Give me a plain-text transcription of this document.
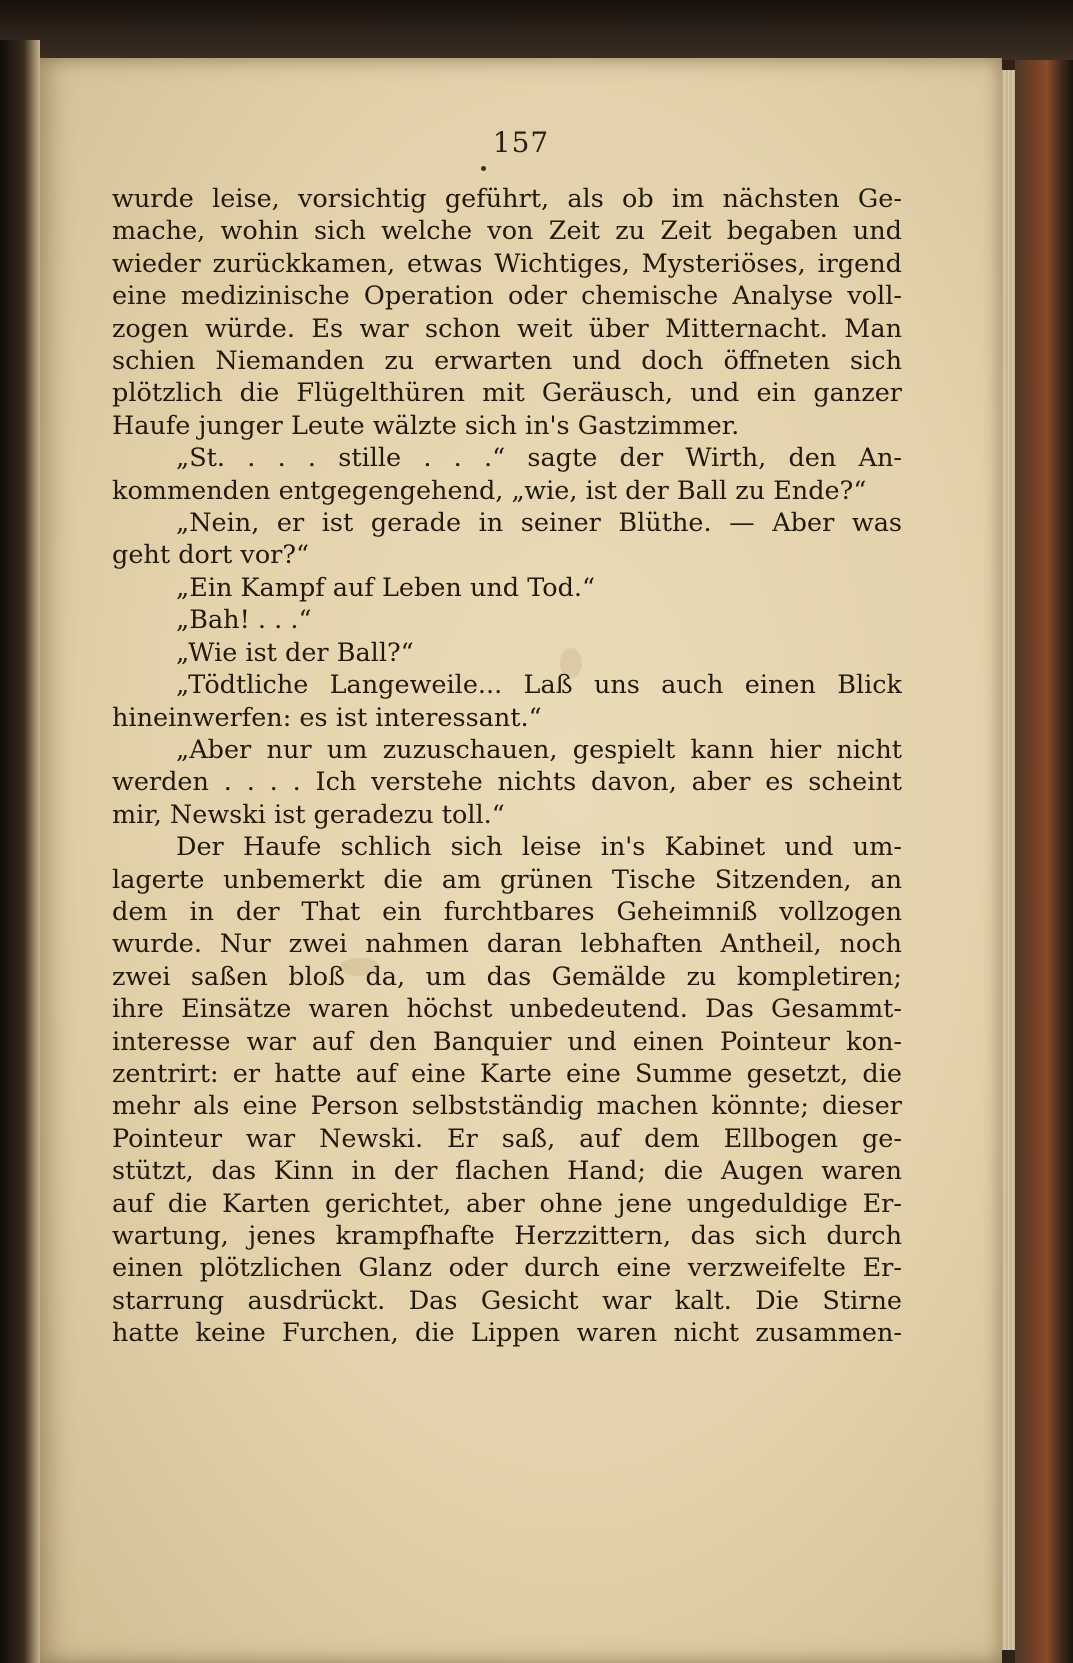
157
wurde leise, vorsichtig geführt, als ob im nächsten Ge-
mache, wohin sich welche von Zeit zu Zeit begaben und
wieder zurückkamen, etwas Wichtiges, Mysteriöses, irgend
eine medizinische Operation oder chemische Analyse voll-
zogen würde. Es war schon weit über Mitternacht. Man
schien Niemanden zu erwarten und doch öffneten sich
plötzlich die Flügelthüren mit Geräusch, und ein ganzer
Haufe junger Leute wälzte sich in's Gastzimmer.
„St. . . . stille . . .“ sagte der Wirth, den An-
kommenden entgegengehend, „wie, ist der Ball zu Ende?“
„Nein, er ist gerade in seiner Blüthe. — Aber was
geht dort vor?“
„Ein Kampf auf Leben und Tod.“
„Bah! . . .“
„Wie ist der Ball?“
„Tödtliche Langeweile... Laß uns auch einen Blick
hineinwerfen: es ist interessant.“
„Aber nur um zuzuschauen, gespielt kann hier nicht
werden . . . . Ich verstehe nichts davon, aber es scheint
mir, Newski ist geradezu toll.“
Der Haufe schlich sich leise in's Kabinet und um-
lagerte unbemerkt die am grünen Tische Sitzenden, an
dem in der That ein furchtbares Geheimniß vollzogen
wurde. Nur zwei nahmen daran lebhaften Antheil, noch
zwei saßen bloß da, um das Gemälde zu kompletiren;
ihre Einsätze waren höchst unbedeutend. Das Gesammt-
interesse war auf den Banquier und einen Pointeur kon-
zentrirt: er hatte auf eine Karte eine Summe gesetzt, die
mehr als eine Person selbstständig machen könnte; dieser
Pointeur war Newski. Er saß, auf dem Ellbogen ge-
stützt, das Kinn in der flachen Hand; die Augen waren
auf die Karten gerichtet, aber ohne jene ungeduldige Er-
wartung, jenes krampfhafte Herzzittern, das sich durch
einen plötzlichen Glanz oder durch eine verzweifelte Er-
starrung ausdrückt. Das Gesicht war kalt. Die Stirne
hatte keine Furchen, die Lippen waren nicht zusammen-
